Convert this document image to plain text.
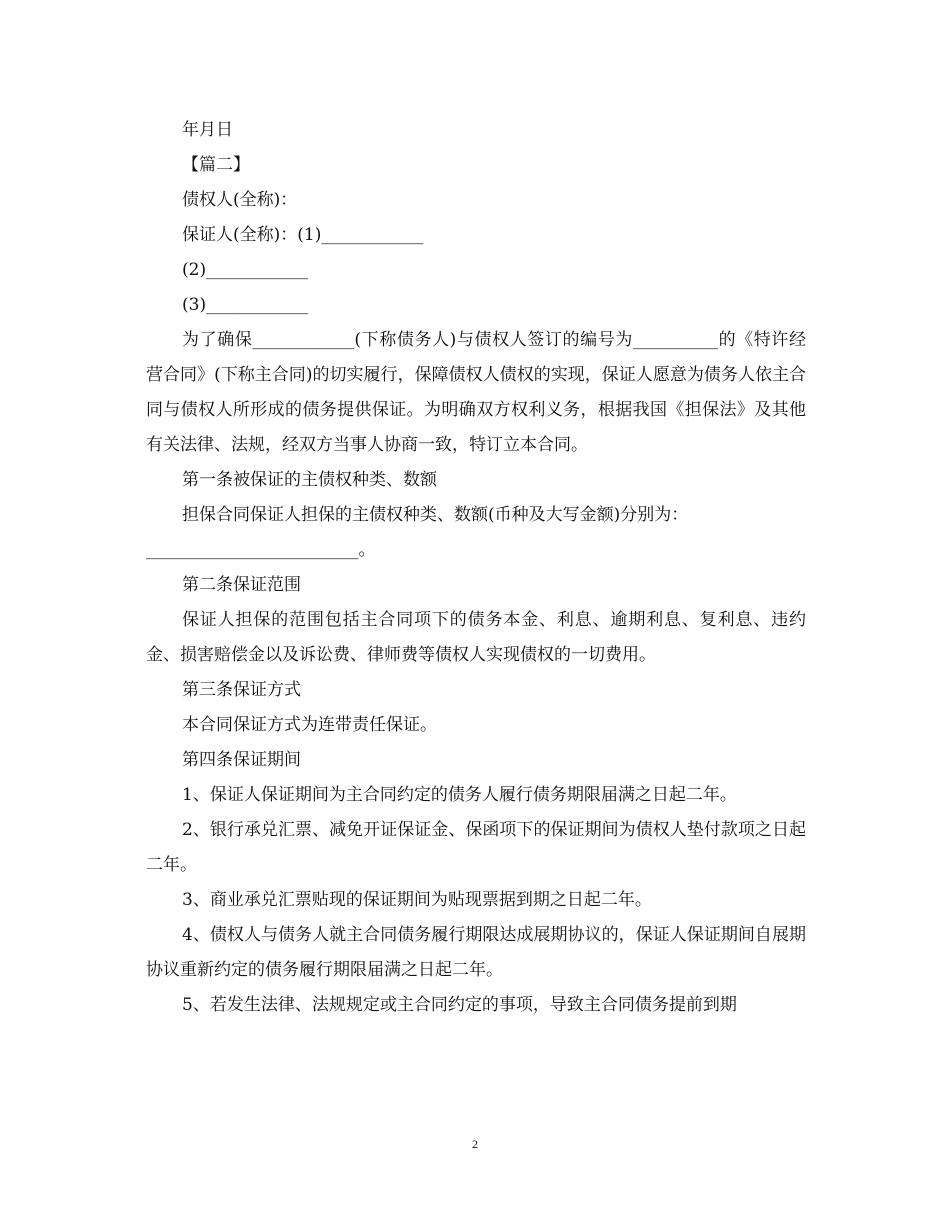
年月日
【篇二】
债权人(全称)：
保证人(全称)：(1)____________
(2)____________
(3)____________
为了确保____________(下称债务人)与债权人签订的编号为__________的《特许经营合同》(下称主合同)的切实履行，保障债权人债权的实现，保证人愿意为债务人依主合同与债权人所形成的债务提供保证。为明确双方权利义务，根据我国《担保法》及其他有关法律、法规，经双方当事人协商一致，特订立本合同。
第一条被保证的主债权种类、数额
担保合同保证人担保的主债权种类、数额(币种及大写金额)分别为：
_________________________。
第二条保证范围
保证人担保的范围包括主合同项下的债务本金、利息、逾期利息、复利息、违约金、损害赔偿金以及诉讼费、律师费等债权人实现债权的一切费用。
第三条保证方式
本合同保证方式为连带责任保证。
第四条保证期间
1、保证人保证期间为主合同约定的债务人履行债务期限届满之日起二年。
2、银行承兑汇票、减免开证保证金、保函项下的保证期间为债权人垫付款项之日起二年。
3、商业承兑汇票贴现的保证期间为贴现票据到期之日起二年。
4、债权人与债务人就主合同债务履行期限达成展期协议的，保证人保证期间自展期协议重新约定的债务履行期限届满之日起二年。
5、若发生法律、法规规定或主合同约定的事项，导致主合同债务提前到期
2
